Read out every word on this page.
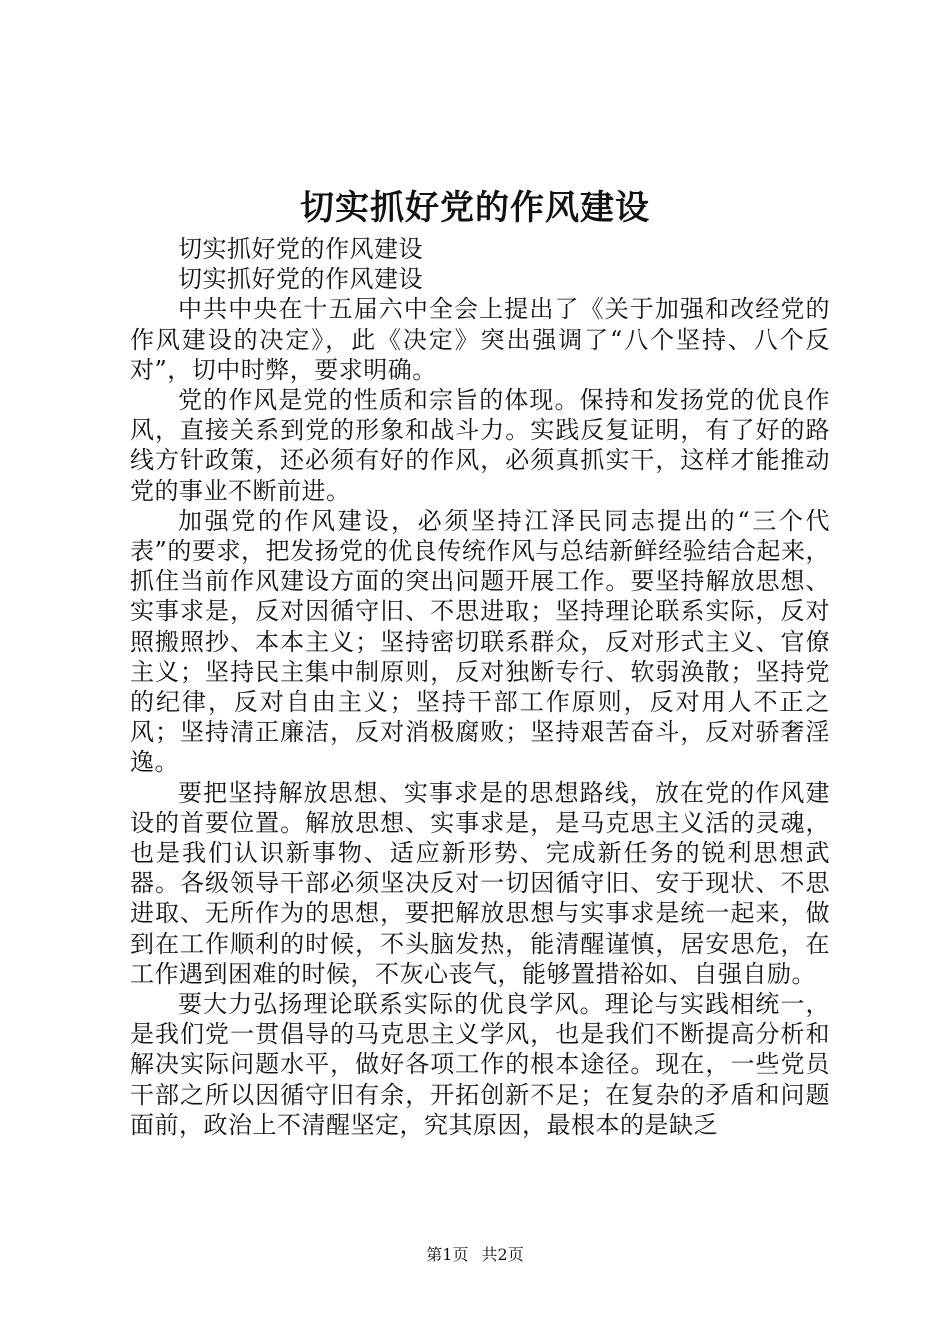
切实抓好党的作风建设

切实抓好党的作风建设

切实抓好党的作风建设

中共中央在十五届六中全会上提出了《关于加强和改经党的作风建设的决定》，此《决定》突出强调了“八个坚持、八个反对”，切中时弊，要求明确。

党的作风是党的性质和宗旨的体现。保持和发扬党的优良作风，直接关系到党的形象和战斗力。实践反复证明，有了好的路线方针政策，还必须有好的作风，必须真抓实干，这样才能推动党的事业不断前进。

加强党的作风建设，必须坚持江泽民同志提出的“三个代表”的要求，把发扬党的优良传统作风与总结新鲜经验结合起来，抓住当前作风建设方面的突出问题开展工作。要坚持解放思想、实事求是，反对因循守旧、不思进取；坚持理论联系实际，反对照搬照抄、本本主义；坚持密切联系群众，反对形式主义、官僚主义；坚持民主集中制原则，反对独断专行、软弱涣散；坚持党的纪律，反对自由主义；坚持干部工作原则，反对用人不正之风；坚持清正廉洁，反对消极腐败；坚持艰苦奋斗，反对骄奢淫逸。

要把坚持解放思想、实事求是的思想路线，放在党的作风建设的首要位置。解放思想、实事求是，是马克思主义活的灵魂，也是我们认识新事物、适应新形势、完成新任务的锐利思想武器。各级领导干部必须坚决反对一切因循守旧、安于现状、不思进取、无所作为的思想，要把解放思想与实事求是统一起来，做到在工作顺利的时候，不头脑发热，能清醒谨慎，居安思危，在工作遇到困难的时候，不灰心丧气，能够置措裕如、自强自励。

要大力弘扬理论联系实际的优良学风。理论与实践相统一，是我们党一贯倡导的马克思主义学风，也是我们不断提高分析和解决实际问题水平，做好各项工作的根本途径。现在，一些党员干部之所以因循守旧有余，开拓创新不足；在复杂的矛盾和问题面前，政治上不清醒坚定，究其原因，最根本的是缺乏

第1页 共2页
